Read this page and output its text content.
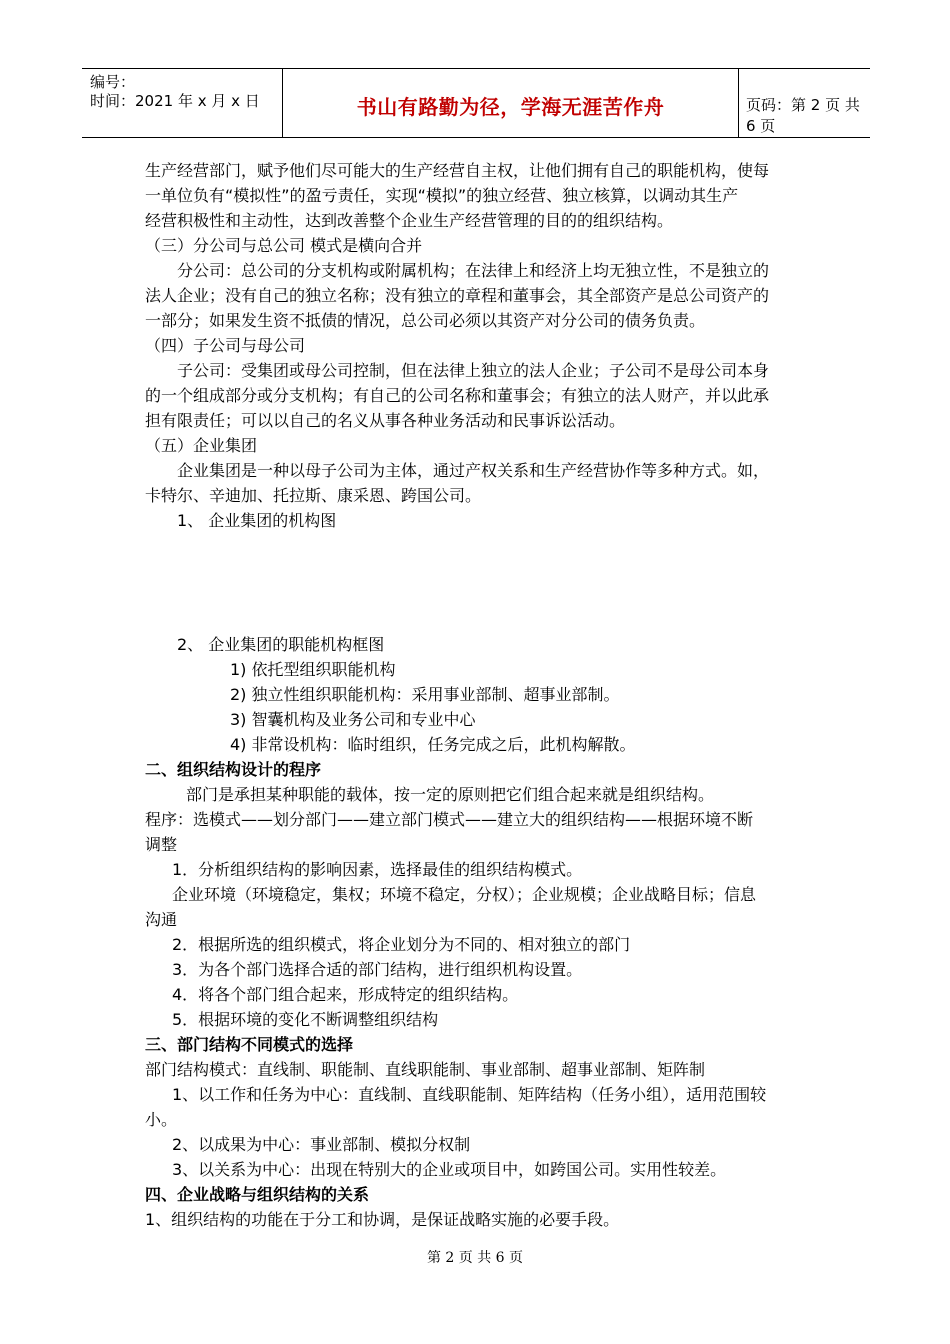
编号：
时间：2021 年 x 月 x 日	书山有路勤为径，学海无涯苦作舟	页码：第 2 页 共 6 页
生产经营部门，赋予他们尽可能大的生产经营自主权，让他们拥有自己的职能机构，使每
一单位负有“模拟性”的盈亏责任，实现“模拟”的独立经营、独立核算，以调动其生产
经营积极性和主动性，达到改善整个企业生产经营管理的目的的组织结构。
（三）分公司与总公司 模式是横向合并
分公司：总公司的分支机构或附属机构；在法律上和经济上均无独立性，不是独立的
法人企业；没有自己的独立名称；没有独立的章程和董事会，其全部资产是总公司资产的
一部分；如果发生资不抵债的情况，总公司必须以其资产对分公司的债务负责。
（四）子公司与母公司
子公司：受集团或母公司控制，但在法律上独立的法人企业；子公司不是母公司本身
的一个组成部分或分支机构；有自己的公司名称和董事会；有独立的法人财产，并以此承
担有限责任；可以以自己的名义从事各种业务活动和民事诉讼活动。
（五）企业集团
企业集团是一种以母子公司为主体，通过产权关系和生产经营协作等多种方式。如，
卡特尔、辛迪加、托拉斯、康采恩、跨国公司。
1、 企业集团的机构图
2、 企业集团的职能机构框图
1) 依托型组织职能机构
2) 独立性组织职能机构：采用事业部制、超事业部制。
3) 智囊机构及业务公司和专业中心
4) 非常设机构：临时组织，任务完成之后，此机构解散。
二、组织结构设计的程序
部门是承担某种职能的载体，按一定的原则把它们组合起来就是组织结构。
程序：选模式——划分部门——建立部门模式——建立大的组织结构——根据环境不断
调整
1．分析组织结构的影响因素，选择最佳的组织结构模式。
企业环境（环境稳定，集权；环境不稳定，分权）；企业规模；企业战略目标；信息
沟通
2．根据所选的组织模式，将企业划分为不同的、相对独立的部门
3．为各个部门选择合适的部门结构，进行组织机构设置。
4．将各个部门组合起来，形成特定的组织结构。
5．根据环境的变化不断调整组织结构
三、部门结构不同模式的选择
部门结构模式：直线制、职能制、直线职能制、事业部制、超事业部制、矩阵制
1、以工作和任务为中心：直线制、直线职能制、矩阵结构（任务小组），适用范围较
小。
2、以成果为中心：事业部制、模拟分权制
3、以关系为中心：出现在特别大的企业或项目中，如跨国公司。实用性较差。
四、企业战略与组织结构的关系
1、组织结构的功能在于分工和协调，是保证战略实施的必要手段。
第 2 页 共 6 页
